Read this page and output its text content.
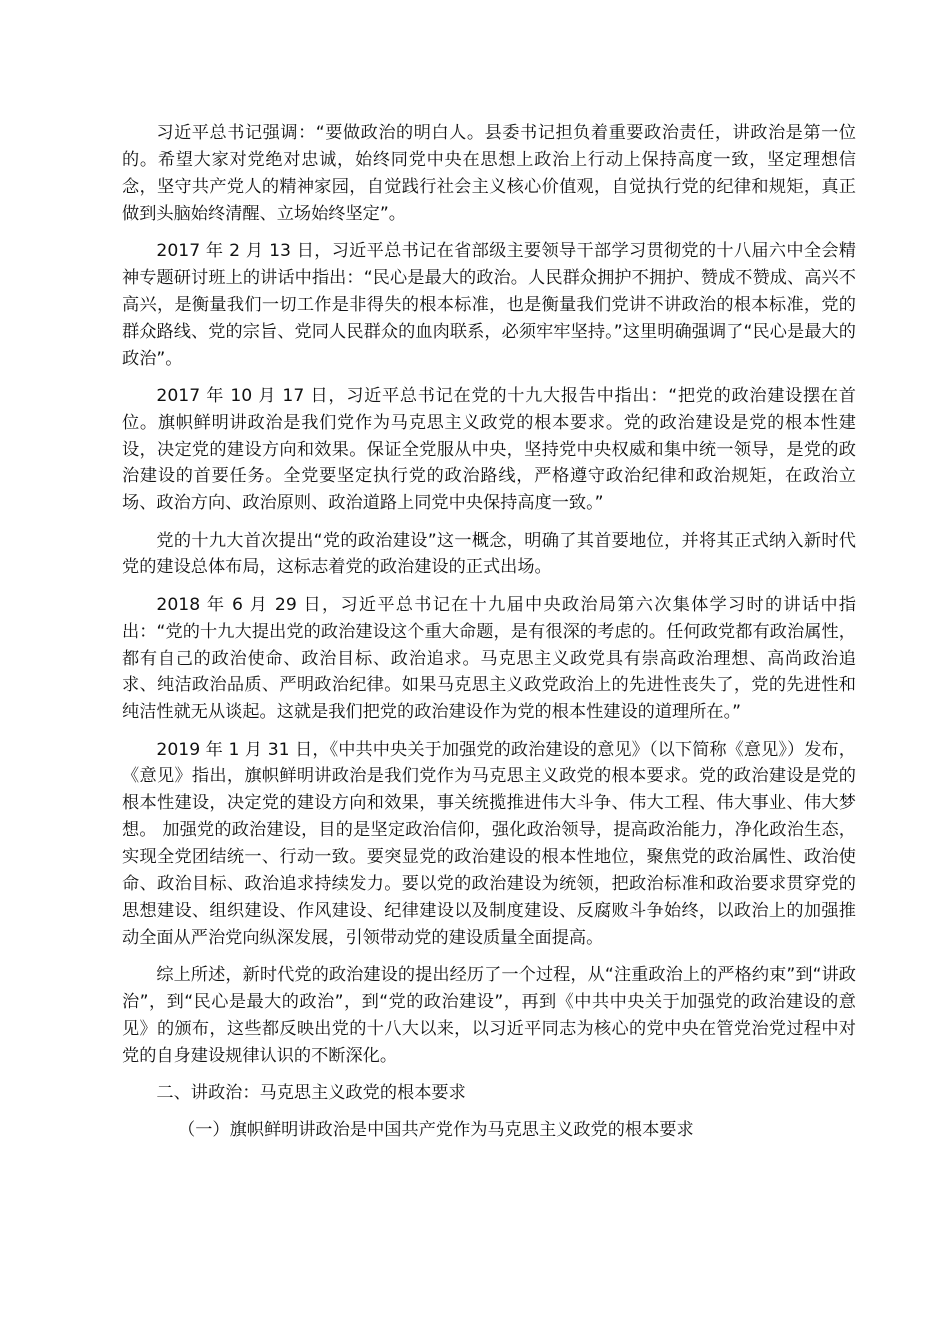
习近平总书记强调：“要做政治的明白人。县委书记担负着重要政治责任，讲政治是第一位的。希望大家对党绝对忠诚，始终同党中央在思想上政治上行动上保持高度一致，坚定理想信念，坚守共产党人的精神家园，自觉践行社会主义核心价值观，自觉执行党的纪律和规矩，真正做到头脑始终清醒、立场始终坚定”。

2017 年 2 月 13 日，习近平总书记在省部级主要领导干部学习贯彻党的十八届六中全会精神专题研讨班上的讲话中指出：“民心是最大的政治。人民群众拥护不拥护、赞成不赞成、高兴不高兴，是衡量我们一切工作是非得失的根本标准，也是衡量我们党讲不讲政治的根本标准，党的群众路线、党的宗旨、党同人民群众的血肉联系，必须牢牢坚持。”这里明确强调了“民心是最大的政治”。

2017 年 10 月 17 日，习近平总书记在党的十九大报告中指出：“把党的政治建设摆在首位。旗帜鲜明讲政治是我们党作为马克思主义政党的根本要求。党的政治建设是党的根本性建设，决定党的建设方向和效果。保证全党服从中央，坚持党中央权威和集中统一领导，是党的政治建设的首要任务。全党要坚定执行党的政治路线，严格遵守政治纪律和政治规矩，在政治立场、政治方向、政治原则、政治道路上同党中央保持高度一致。”

党的十九大首次提出“党的政治建设”这一概念，明确了其首要地位，并将其正式纳入新时代党的建设总体布局，这标志着党的政治建设的正式出场。

2018 年 6 月 29 日，习近平总书记在十九届中央政治局第六次集体学习时的讲话中指出：“党的十九大提出党的政治建设这个重大命题，是有很深的考虑的。任何政党都有政治属性，都有自己的政治使命、政治目标、政治追求。马克思主义政党具有崇高政治理想、高尚政治追求、纯洁政治品质、严明政治纪律。如果马克思主义政党政治上的先进性丧失了，党的先进性和纯洁性就无从谈起。这就是我们把党的政治建设作为党的根本性建设的道理所在。”

2019 年 1 月 31 日，《中共中央关于加强党的政治建设的意见》（以下简称《意见》）发布，《意见》指出，旗帜鲜明讲政治是我们党作为马克思主义政党的根本要求。党的政治建设是党的根本性建设，决定党的建设方向和效果，事关统揽推进伟大斗争、伟大工程、伟大事业、伟大梦想。 加强党的政治建设，目的是坚定政治信仰，强化政治领导，提高政治能力，净化政治生态，实现全党团结统一、行动一致。要突显党的政治建设的根本性地位，聚焦党的政治属性、政治使命、政治目标、政治追求持续发力。要以党的政治建设为统领，把政治标准和政治要求贯穿党的思想建设、组织建设、作风建设、纪律建设以及制度建设、反腐败斗争始终，以政治上的加强推动全面从严治党向纵深发展，引领带动党的建设质量全面提高。

综上所述，新时代党的政治建设的提出经历了一个过程，从“注重政治上的严格约束”到“讲政治”，到“民心是最大的政治”，到“党的政治建设”，再到《中共中央关于加强党的政治建设的意见》的颁布，这些都反映出党的十八大以来，以习近平同志为核心的党中央在管党治党过程中对党的自身建设规律认识的不断深化。

二、讲政治：马克思主义政党的根本要求

（一）旗帜鲜明讲政治是中国共产党作为马克思主义政党的根本要求
